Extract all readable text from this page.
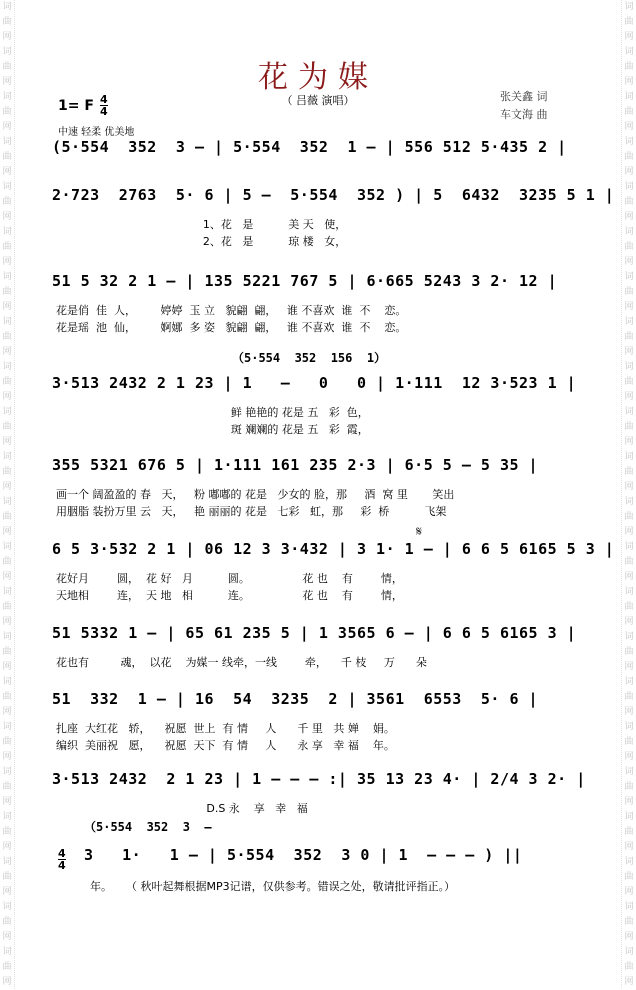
词曲网词曲网词曲网词曲网词曲网词曲网词曲网词曲网词曲网词曲网词曲网词曲网词曲网词曲网词曲网词曲网词曲网词曲网词曲网词曲网词曲网词曲网
词曲网词曲网词曲网词曲网词曲网词曲网词曲网词曲网词曲网词曲网词曲网词曲网词曲网词曲网词曲网词曲网词曲网词曲网词曲网词曲网词曲网词曲网
花为媒
（ 吕薇 演唱）	张关鑫 词
车文海 曲
1= F $\frac{4}{4}$
中速 轻柔 优美地
（5·554  352  156  1）
𝄋
（5·554  352  3  –
(5·554  352  3 – | 5·554  352  1 – | 556 512 5·435 2 |
2·723  2763  5· 6 | 5 –  5·554  352 ) | 5  6432  3235 5 1 |
1、花   是          美 天   使，
2、花   是          琼 楼   女，
51 5 32 2 1 – | 135 5221 767 5 | 6·665 5243 3 2· 12 |
花是俏  佳  人，       婷婷  玉 立   貌翩  翩，   谁 不喜欢  谁  不    恋。
花是瑶  池  仙，       婀娜  多 姿   貌翩  翩，   谁 不喜欢  谁  不    恋。
3·513 2432 2 1 23 | 1   –   0   0 | 1·111  12 3·523 1 |
鲜 艳艳的 花是 五   彩  色，
斑 斓斓的 花是 五   彩  霞，
355 5321 676 5 | 1·111 161 235 2·3 | 6·5 5 – 5 35 |
画一个 阔盈盈的 春   天，   粉 嘟嘟的 花是   少女的 脸，那     酒  窝 里       笑出
用胭脂 装扮万里 云   天，   艳 丽丽的 花是   七彩   虹，那     彩  桥          飞架
6 5 3·532 2 1 | 06 12 3 3·432 | 3 1· 1 – | 6 6 5 6165 5 3 |
花好月        圆，  花 好   月          圆。               花 也    有        情，
天地相        连，  天 地   相          连。               花 也    有        情，
51 5332 1 – | 65 61 235 5 | 1 3565 6 – | 6 6 5 6165 3 |
花也有         魂，  以花    为媒一 线牵，一线        牵，    千 枝     万      朵
51  332  1 – | 16  54  3235  2 | 3561  6553  5· 6 |
扎座  大红花   轿，    祝愿  世上  有 情     人      千 里   共 婵    娟。
编织  美丽祝   愿，    祝愿  天下  有 情     人      永 享   幸 福    年。
3·513 2432  2 1 23 | 1 – – – :| 35 13 23 4· | 2/4 3 2· |
D.S 永    享   幸   福
3   1·   1 – | 5·554  352  3 0 | 1  – – – ) ||
年。    （ 秋叶起舞根据MP3记谱，仅供参考。错误之处，敬请批评指正。）
$\frac{4}{4}$
